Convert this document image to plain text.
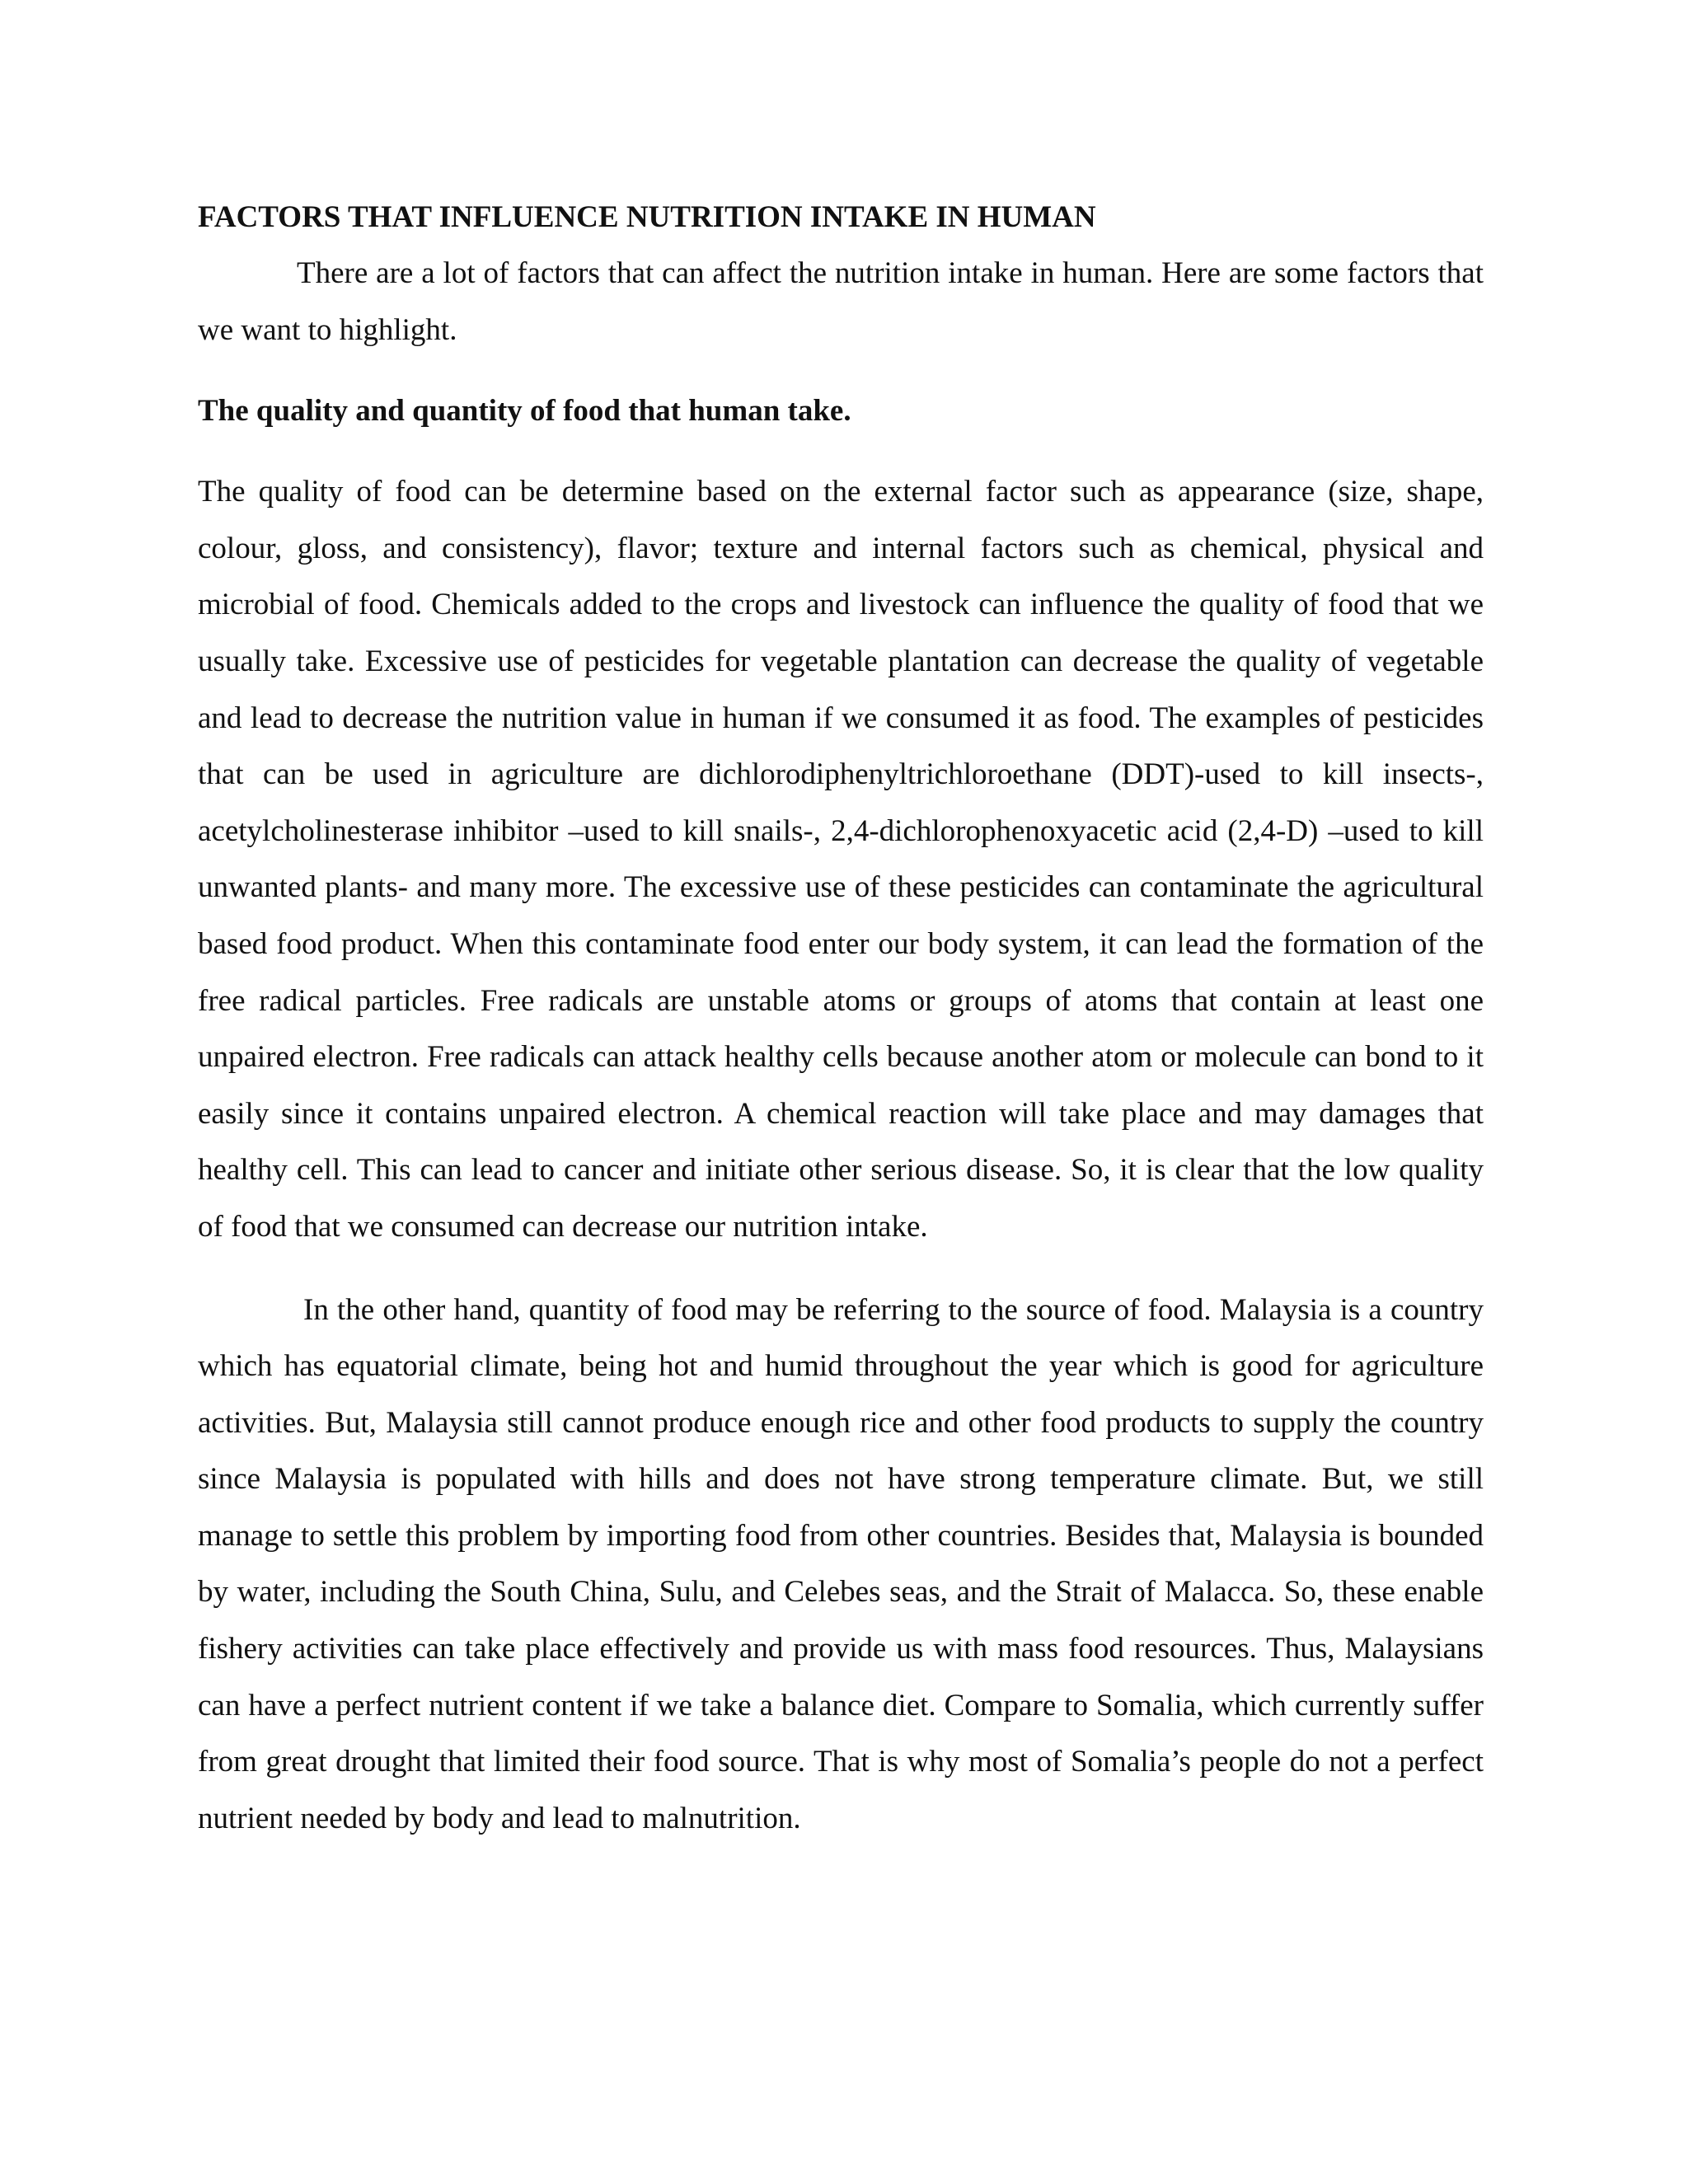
FACTORS THAT INFLUENCE NUTRITION INTAKE IN HUMAN

There are a lot of factors that can affect the nutrition intake in human. Here are some factors that we want to highlight.

The quality and quantity of food that human take.

The quality of food can be determine based on the external factor such as appearance (size, shape, colour, gloss, and consistency), flavor; texture and internal factors such as chemical, physical and microbial of food. Chemicals added to the crops and livestock can influence the quality of food that we usually take. Excessive use of pesticides for vegetable plantation can decrease the quality of vegetable and lead to decrease the nutrition value in human if we consumed it as food. The examples of pesticides that can be used in agriculture are dichlorodiphenyltrichloroethane (DDT)-used to kill insects-, acetylcholinesterase inhibitor –used to kill snails-, 2,4-dichlorophenoxyacetic acid (2,4-D) –used to kill unwanted plants- and many more. The excessive use of these pesticides can contaminate the agricultural based food product. When this contaminate food enter our body system, it can lead the formation of the free radical particles. Free radicals are unstable atoms or groups of atoms that contain at least one unpaired electron. Free radicals can attack healthy cells because another atom or molecule can bond to it easily since it contains unpaired electron. A chemical reaction will take place and may damages that healthy cell. This can lead to cancer and initiate other serious disease. So, it is clear that the low quality of food that we consumed can decrease our nutrition intake.

In the other hand, quantity of food may be referring to the source of food. Malaysia is a country which has equatorial climate, being hot and humid throughout the year which is good for agriculture activities. But, Malaysia still cannot produce enough rice and other food products to supply the country since Malaysia is populated with hills and does not have strong temperature climate. But, we still manage to settle this problem by importing food from other countries. Besides that, Malaysia is bounded by water, including the South China, Sulu, and Celebes seas, and the Strait of Malacca. So, these enable fishery activities can take place effectively and provide us with mass food resources. Thus, Malaysians can have a perfect nutrient content if we take a balance diet. Compare to Somalia, which currently suffer from great drought that limited their food source. That is why most of Somalia’s people do not a perfect nutrient needed by body and lead to malnutrition.
